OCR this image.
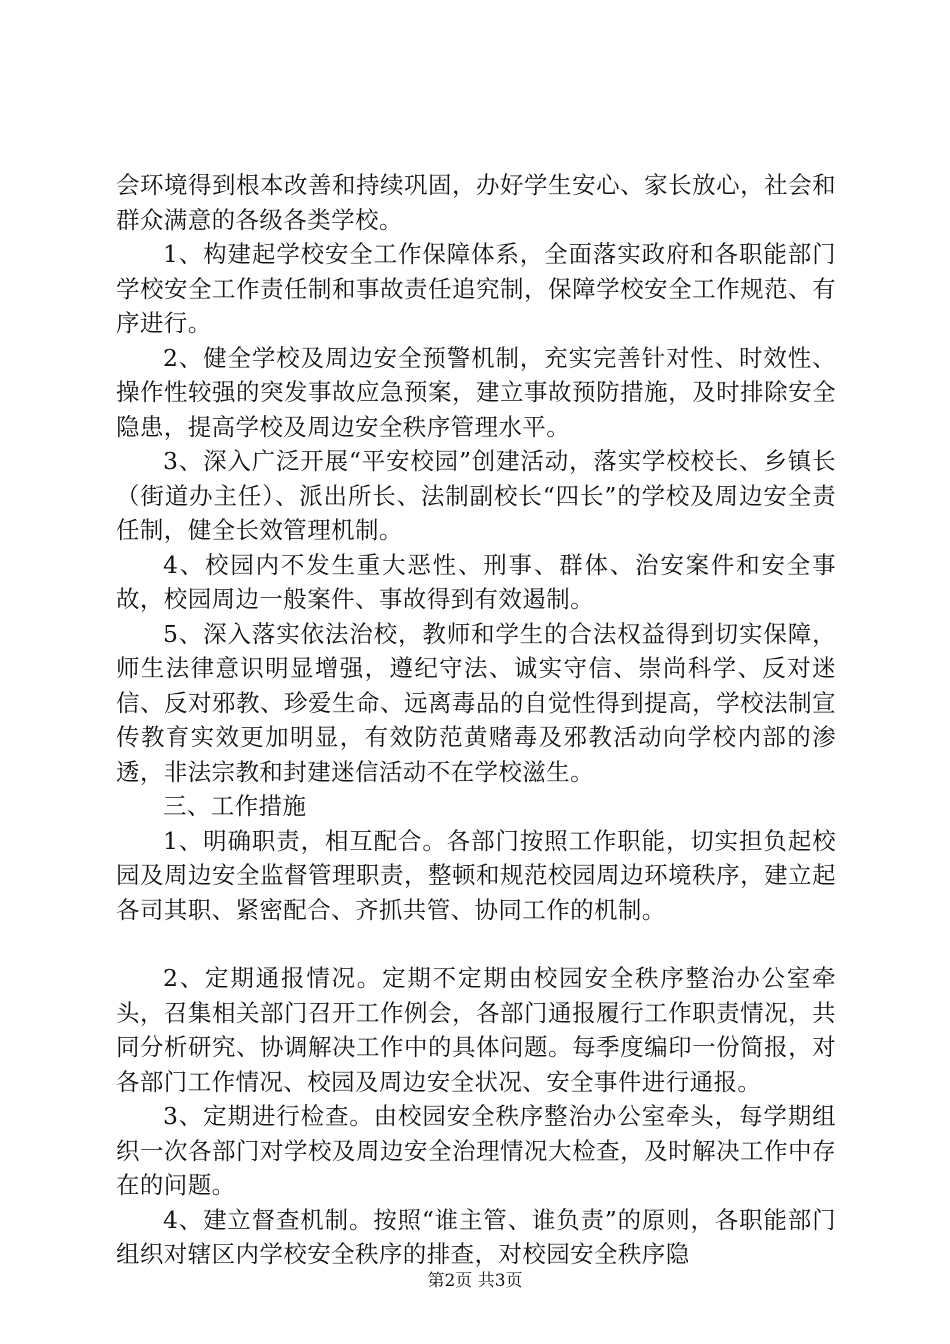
会环境得到根本改善和持续巩固，办好学生安心、家长放心，社会和群众满意的各级各类学校。

1、构建起学校安全工作保障体系，全面落实政府和各职能部门学校安全工作责任制和事故责任追究制，保障学校安全工作规范、有序进行。

2、健全学校及周边安全预警机制，充实完善针对性、时效性、操作性较强的突发事故应急预案，建立事故预防措施，及时排除安全隐患，提高学校及周边安全秩序管理水平。

3、深入广泛开展“平安校园”创建活动，落实学校校长、乡镇长（街道办主任）、派出所长、法制副校长“四长”的学校及周边安全责任制，健全长效管理机制。

4、校园内不发生重大恶性、刑事、群体、治安案件和安全事故，校园周边一般案件、事故得到有效遏制。

5、深入落实依法治校，教师和学生的合法权益得到切实保障，师生法律意识明显增强，遵纪守法、诚实守信、崇尚科学、反对迷信、反对邪教、珍爱生命、远离毒品的自觉性得到提高，学校法制宣传教育实效更加明显，有效防范黄赌毒及邪教活动向学校内部的渗透，非法宗教和封建迷信活动不在学校滋生。

三、工作措施

1、明确职责，相互配合。各部门按照工作职能，切实担负起校园及周边安全监督管理职责，整顿和规范校园周边环境秩序，建立起各司其职、紧密配合、齐抓共管、协同工作的机制。

2、定期通报情况。定期不定期由校园安全秩序整治办公室牵头，召集相关部门召开工作例会，各部门通报履行工作职责情况，共同分析研究、协调解决工作中的具体问题。每季度编印一份简报，对各部门工作情况、校园及周边安全状况、安全事件进行通报。

3、定期进行检查。由校园安全秩序整治办公室牵头，每学期组织一次各部门对学校及周边安全治理情况大检查，及时解决工作中存在的问题。

4、建立督查机制。按照“谁主管、谁负责”的原则，各职能部门组织对辖区内学校安全秩序的排查，对校园安全秩序隐

第2页 共3页
